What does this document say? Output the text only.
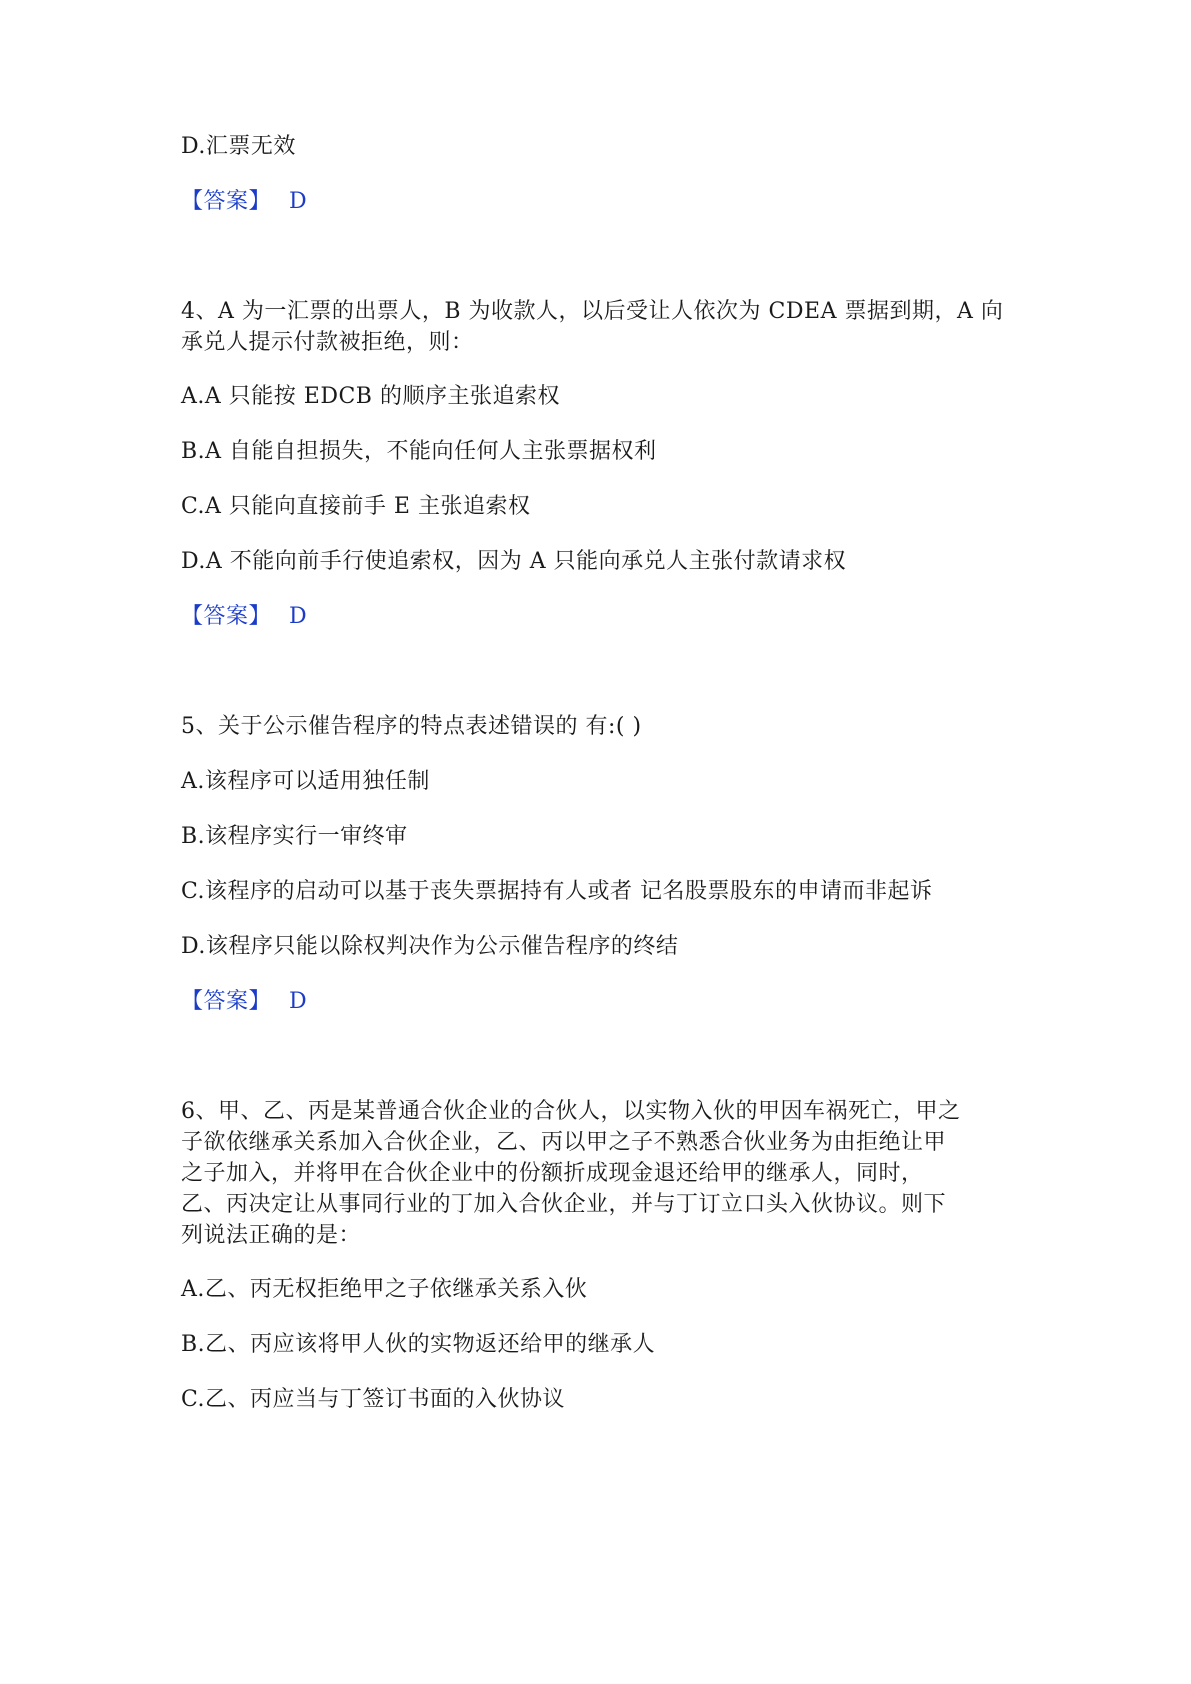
D.汇票无效
【答案】 D
4、A 为一汇票的出票人，B 为收款人，以后受让人依次为 CDEA 票据到期，A 向
承兑人提示付款被拒绝，则：
A.A 只能按 EDCB 的顺序主张追索权
B.A 自能自担损失，不能向任何人主张票据权利
C.A 只能向直接前手 E 主张追索权
D.A 不能向前手行使追索权，因为 A 只能向承兑人主张付款请求权
【答案】 D
5、关于公示催告程序的特点表述错误的 有:( )
A.该程序可以适用独任制
B.该程序实行一审终审
C.该程序的启动可以基于丧失票据持有人或者 记名股票股东的申请而非起诉
D.该程序只能以除权判决作为公示催告程序的终结
【答案】 D
6、甲、乙、丙是某普通合伙企业的合伙人，以实物入伙的甲因车祸死亡，甲之
子欲依继承关系加入合伙企业，乙、丙以甲之子不熟悉合伙业务为由拒绝让甲
之子加入，并将甲在合伙企业中的份额折成现金退还给甲的继承人，同时，
乙、丙决定让从事同行业的丁加入合伙企业，并与丁订立口头入伙协议。则下
列说法正确的是：
A.乙、丙无权拒绝甲之子依继承关系入伙
B.乙、丙应该将甲人伙的实物返还给甲的继承人
C.乙、丙应当与丁签订书面的入伙协议
